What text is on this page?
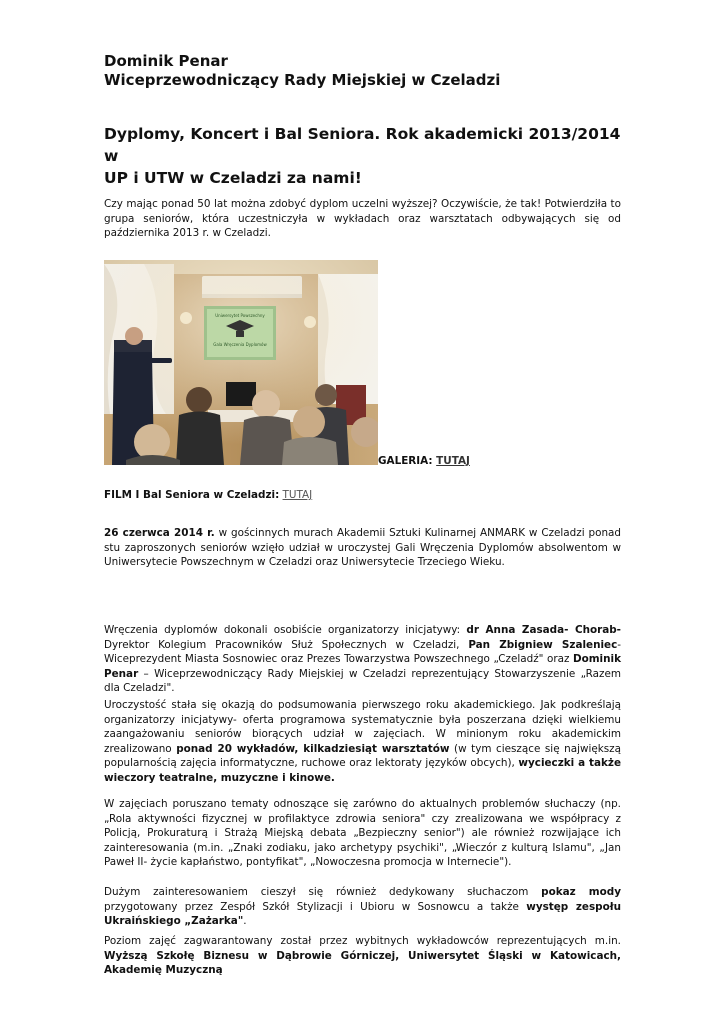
Dominik Penar

Wiceprzewodniczący Rady Miejskiej w Czeladzi

Dyplomy, Koncert i Bal Seniora. Rok akademicki 2013/2014 w
UP i UTW w Czeladzi za nami!

Czy mając ponad 50 lat można zdobyć dyplom uczelni wyższej? Oczywiście, że tak! Potwierdziła to grupa seniorów, która uczestniczyła w wykładach oraz warsztatach odbywających się od października 2013 r. w Czeladzi.

Uniwersytet Powszechny
Gala Wręczenia Dyplomów
GALERIA: TUTAJ
FILM I Bal Seniora w Czeladzi: TUTAJ

26 czerwca 2014 r. w gościnnych murach Akademii Sztuki Kulinarnej ANMARK w Czeladzi ponad stu zaproszonych seniorów wzięło udział w uroczystej Gali Wręczenia Dyplomów absolwentom w Uniwersytecie Powszechnym w Czeladzi oraz Uniwersytecie Trzeciego Wieku.

Wręczenia dyplomów dokonali osobiście organizatorzy inicjatywy: dr Anna Zasada- Chorab- Dyrektor Kolegium Pracowników Służ Społecznych w Czeladzi, Pan Zbigniew Szaleniec- Wiceprezydent Miasta Sosnowiec oraz Prezes Towarzystwa Powszechnego „Czeladź" oraz Dominik Penar – Wiceprzewodniczący Rady Miejskiej w Czeladzi reprezentujący Stowarzyszenie „Razem dla Czeladzi".

Uroczystość stała się okazją do podsumowania pierwszego roku akademickiego. Jak podkreślają organizatorzy inicjatywy- oferta programowa systematycznie była poszerzana dzięki wielkiemu zaangażowaniu seniorów biorących udział w zajęciach. W minionym roku akademickim zrealizowano ponad 20 wykładów, kilkadziesiąt warsztatów (w tym cieszące się największą popularnością zajęcia informatyczne, ruchowe oraz lektoraty języków obcych), wycieczki a także wieczory teatralne, muzyczne i kinowe.

W zajęciach poruszano tematy odnoszące się zarówno do aktualnych problemów słuchaczy (np. „Rola aktywności fizycznej w profilaktyce zdrowia seniora" czy zrealizowana we współpracy z Policją, Prokuraturą i Strażą Miejską debata „Bezpieczny senior") ale również rozwijające ich zainteresowania (m.in. „Znaki zodiaku, jako archetypy psychiki", „Wieczór z kulturą Islamu", „Jan Paweł II- życie kapłaństwo, pontyfikat", „Nowoczesna promocja w Internecie").

Dużym zainteresowaniem cieszył się również dedykowany słuchaczom pokaz mody przygotowany przez Zespół Szkół Stylizacji i Ubioru w Sosnowcu a także występ zespołu Ukraińskiego „Zażarka".

Poziom zajęć zagwarantowany został przez wybitnych wykładowców reprezentujących m.in. Wyższą Szkołę Biznesu w Dąbrowie Górniczej, Uniwersytet Śląski w Katowicach, Akademię Muzyczną
